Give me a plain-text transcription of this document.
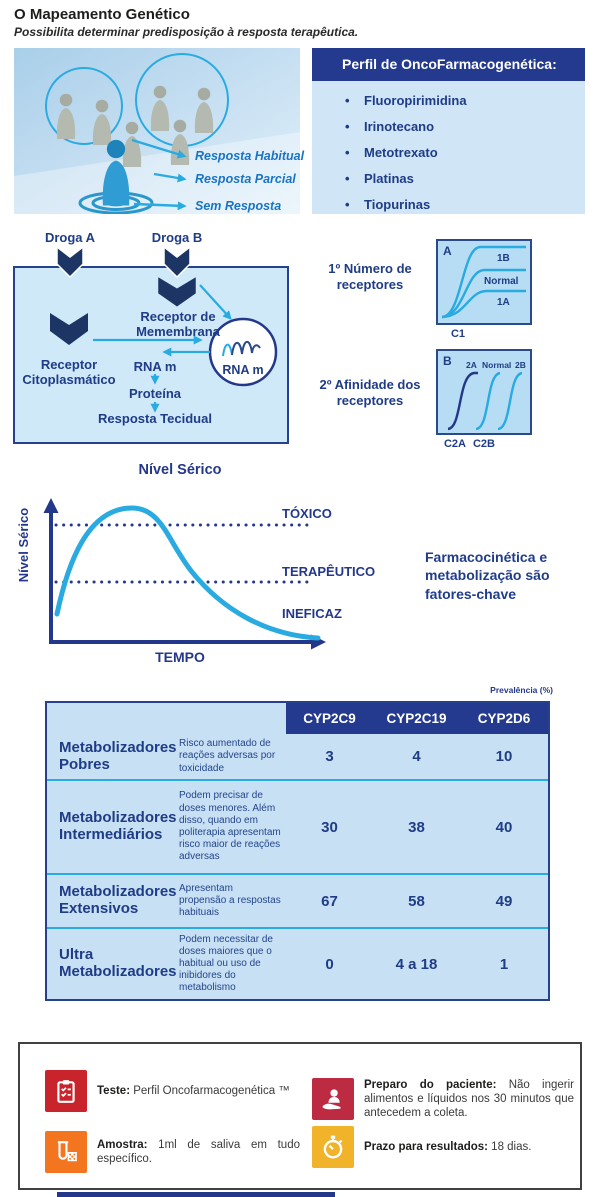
O Mapeamento Genético
Possibilita determinar predisposição à resposta terapêutica.
Resposta Habitual
Resposta Parcial
Sem Resposta
Perfil de OncoFarmacogenética:
• Fluoropirimidina
• Irinotecano
• Metotrexato
• Platinas
• Tiopurinas
RNA m
Droga A	Droga B
Receptor de Memembrana
Receptor Citoplasmático
RNA m
Proteína
Resposta Tecidual
1º Número de receptores
2º Afinidade dos receptores
A
1B
Normal
1A
C1
B 2A Normal 2B
C2A C2B
Nível Sérico
Nível Sérico
TEMPO
TÓXICO
TERAPÊUTICO
INEFICAZ
Farmacocinética e metabolização são fatores-chave
Prevalência (%)
CYP2C9	CYP2C19	CYP2D6
Metabolizadores Pobres
Risco aumentado de reações adversas por toxicidade
3	4	10
Metabolizadores Intermediários
Podem precisar de doses menores. Além disso, quando em politerapia apresentam risco maior de reações adversas
30	38	40
Metabolizadores Extensivos
Apresentam propensão a respostas habituais
67	58	49
Ultra Metabolizadores
Podem necessitar de doses maiores que o habitual ou uso de inibidores do metabolismo
0	4 a 18	1

Teste: Perfil Oncofarmacogenética ™

Amostra: 1ml de saliva em tudo específico.

Preparo do paciente: Não ingerir alimentos e líquidos nos 30 minutos que antecedem a coleta.

Prazo para resultados: 18 dias.
